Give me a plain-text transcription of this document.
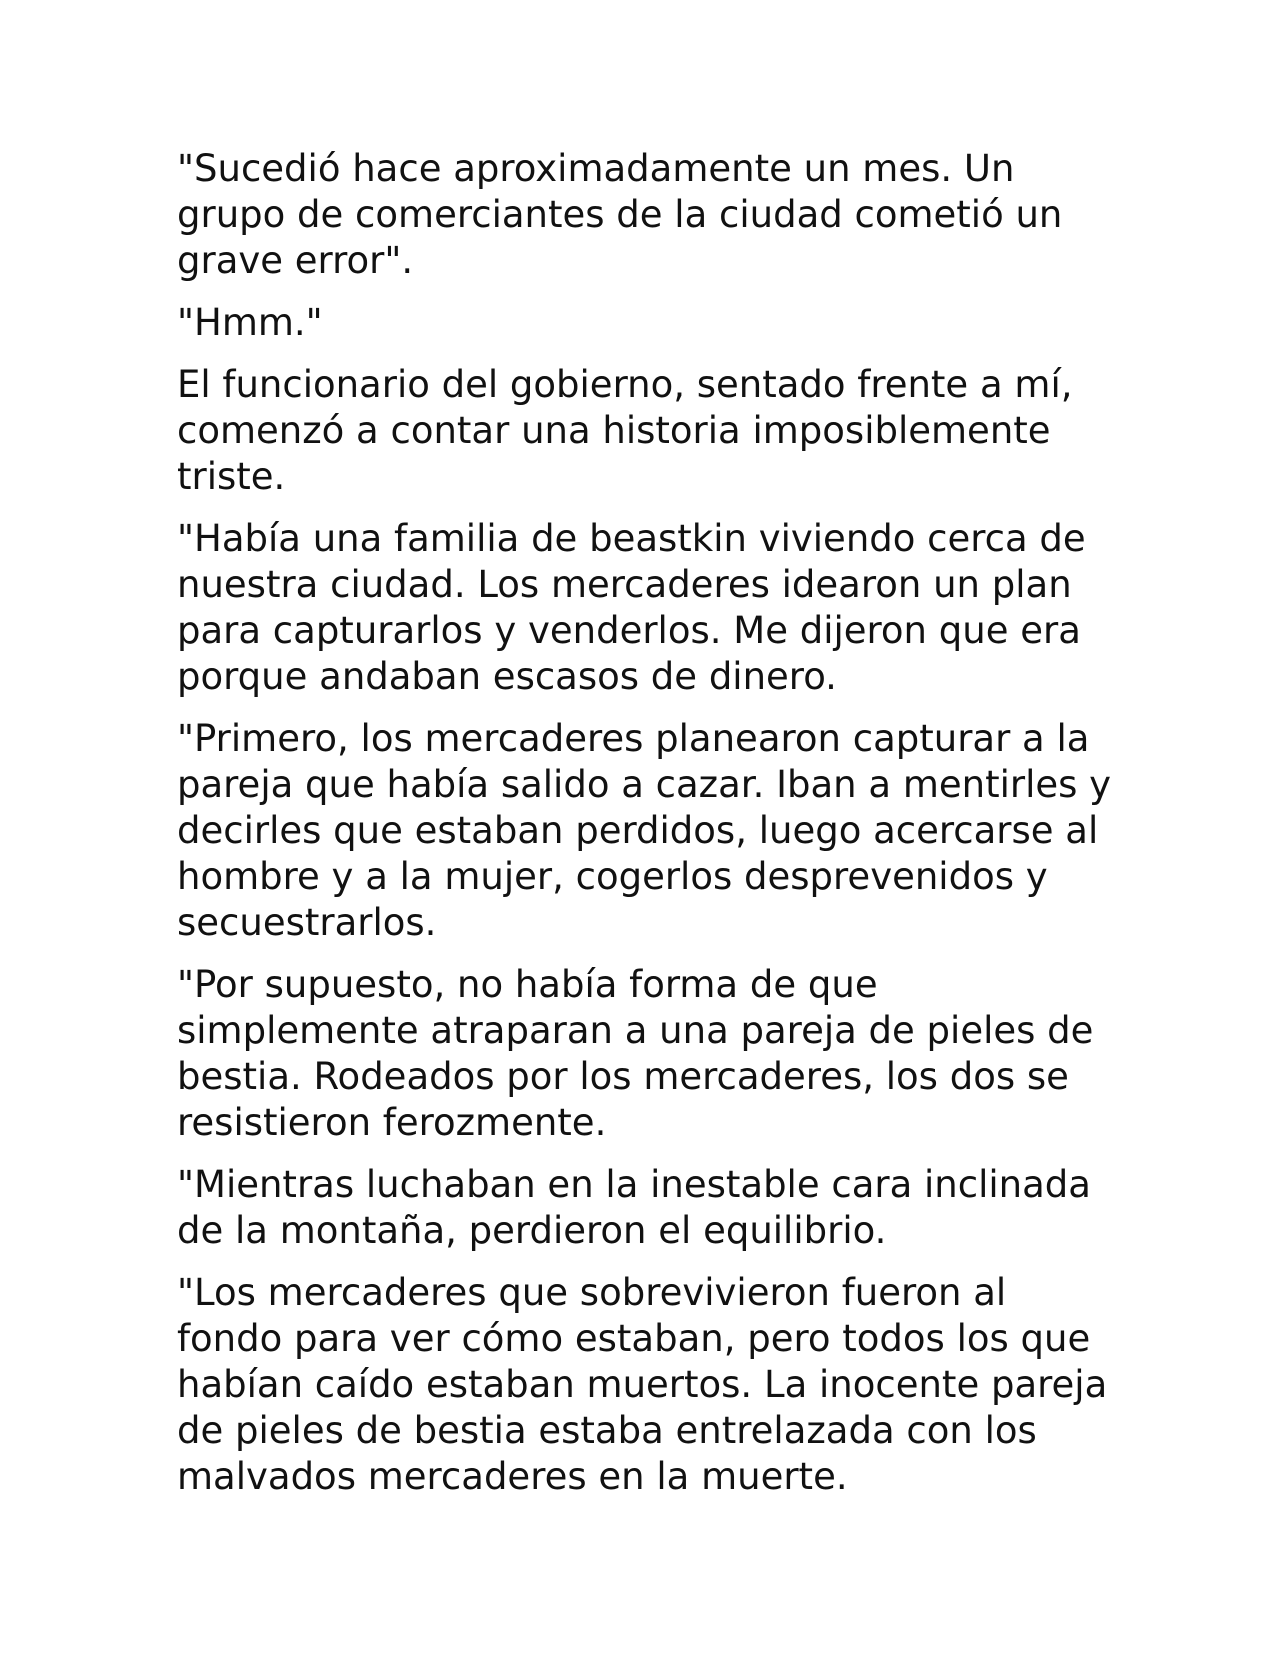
"Sucedió hace aproximadamente un mes. Un grupo de comerciantes de la ciudad cometió un grave error".

"Hmm."

El funcionario del gobierno, sentado frente a mí, comenzó a contar una historia imposiblemente triste.

"Había una familia de beastkin viviendo cerca de nuestra ciudad. Los mercaderes idearon un plan para capturarlos y venderlos. Me dijeron que era porque andaban escasos de dinero.

"Primero, los mercaderes planearon capturar a la pareja que había salido a cazar. Iban a mentirles y decirles que estaban perdidos, luego acercarse al hombre y a la mujer, cogerlos desprevenidos y secuestrarlos.

"Por supuesto, no había forma de que simplemente atraparan a una pareja de pieles de bestia. Rodeados por los mercaderes, los dos se resistieron ferozmente.

"Mientras luchaban en la inestable cara inclinada de la montaña, perdieron el equilibrio.

"Los mercaderes que sobrevivieron fueron al fondo para ver cómo estaban, pero todos los que habían caído estaban muertos. La inocente pareja de pieles de bestia estaba entrelazada con los malvados mercaderes en la muerte.
